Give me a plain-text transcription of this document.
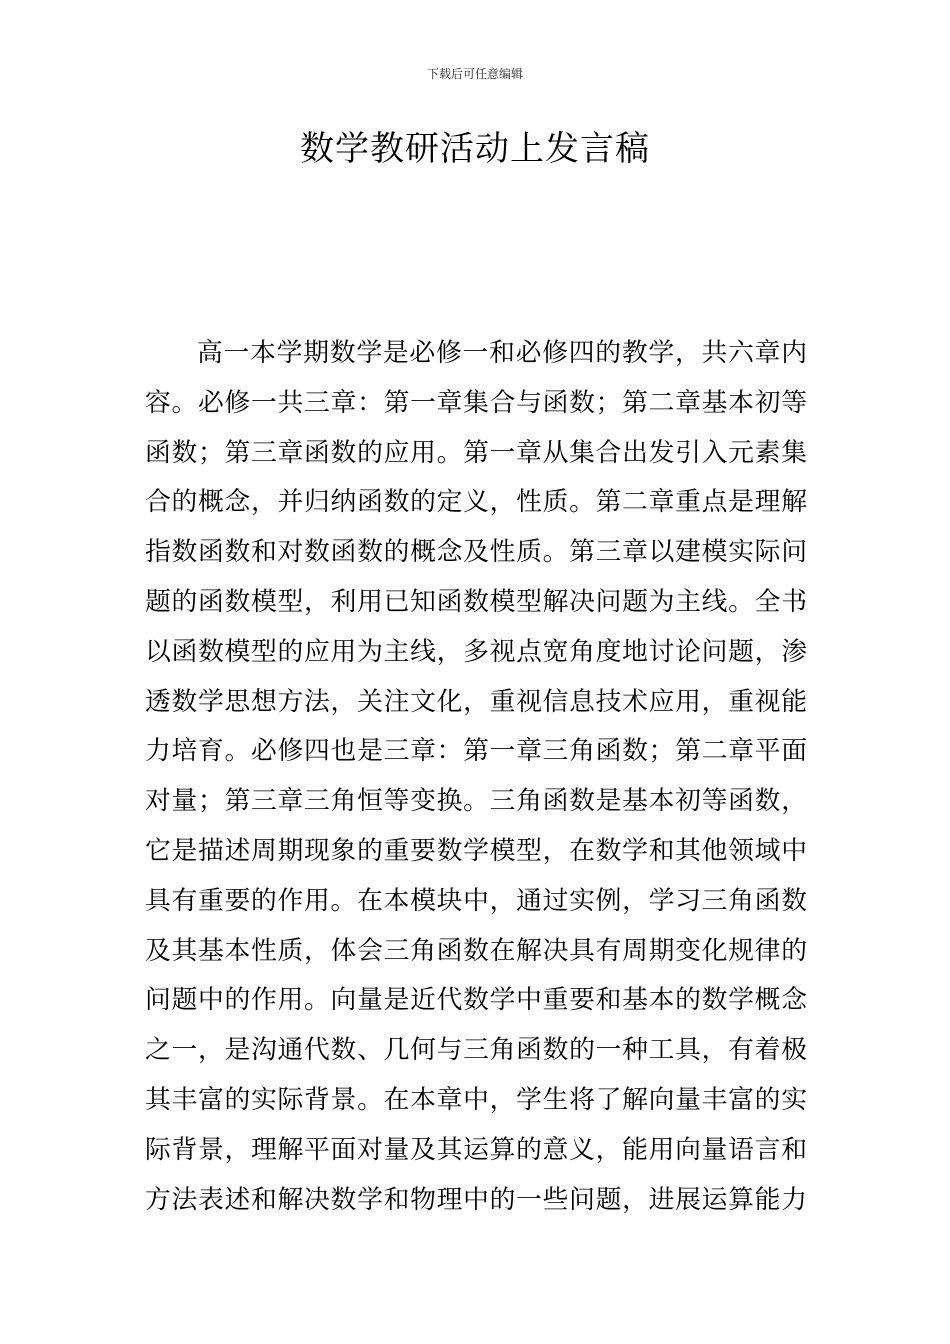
下载后可任意编辑
数学教研活动上发言稿
高一本学期数学是必修一和必修四的教学，共六章内
容。必修一共三章：第一章集合与函数；第二章基本初等
函数；第三章函数的应用。第一章从集合出发引入元素集
合的概念，并归纳函数的定义，性质。第二章重点是理解
指数函数和对数函数的概念及性质。第三章以建模实际问
题的函数模型，利用已知函数模型解决问题为主线。全书
以函数模型的应用为主线，多视点宽角度地讨论问题，渗
透数学思想方法，关注文化，重视信息技术应用，重视能
力培育。必修四也是三章：第一章三角函数；第二章平面
对量；第三章三角恒等变换。三角函数是基本初等函数，
它是描述周期现象的重要数学模型，在数学和其他领域中
具有重要的作用。在本模块中，通过实例，学习三角函数
及其基本性质，体会三角函数在解决具有周期变化规律的
问题中的作用。向量是近代数学中重要和基本的数学概念
之一，是沟通代数、几何与三角函数的一种工具，有着极
其丰富的实际背景。在本章中，学生将了解向量丰富的实
际背景，理解平面对量及其运算的意义，能用向量语言和
方法表述和解决数学和物理中的一些问题，进展运算能力
